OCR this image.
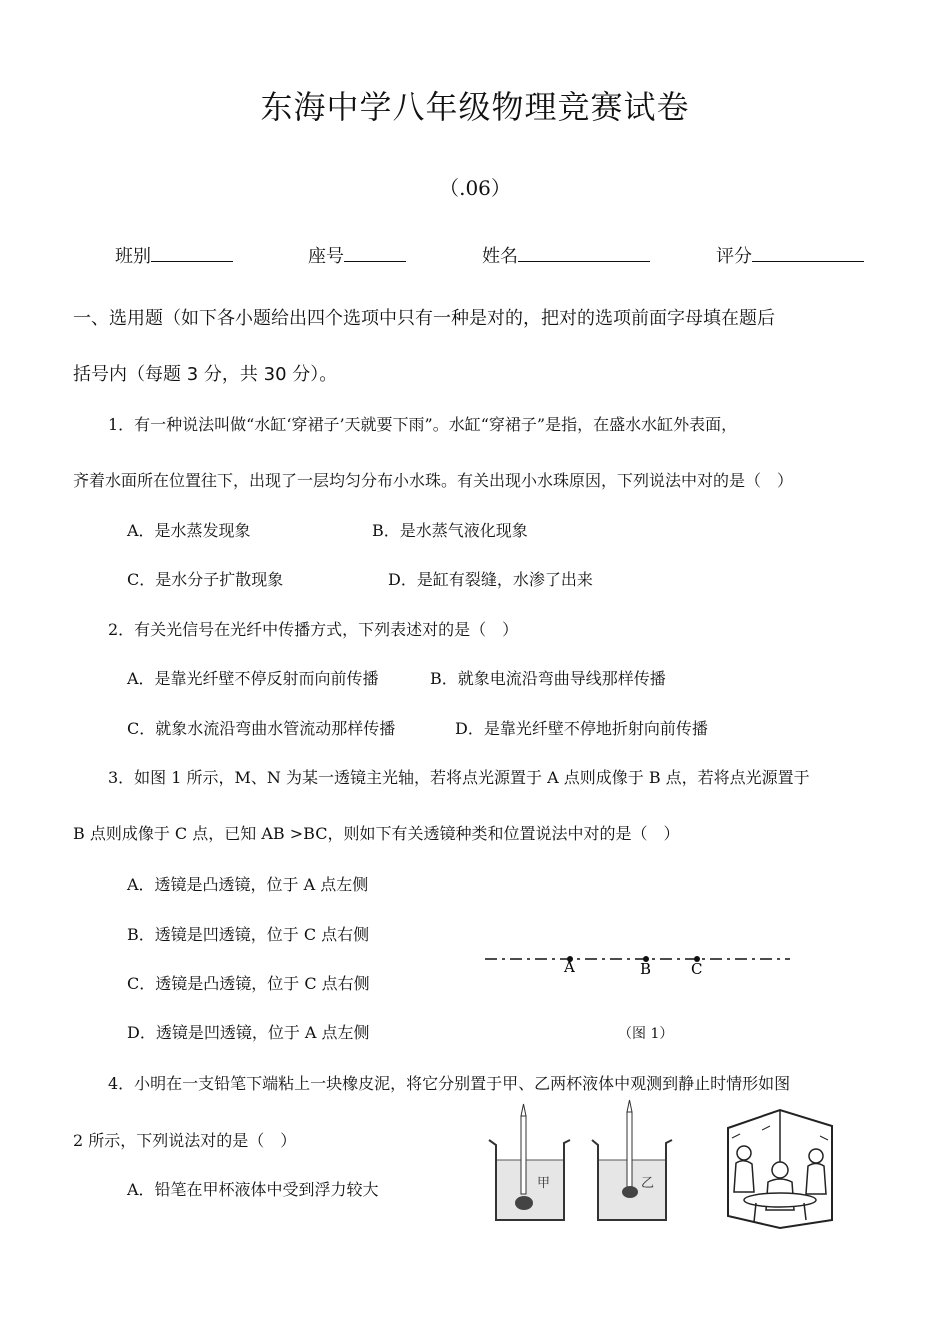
东海中学八年级物理竞赛试卷
（.06）
班别	座号	姓名	评分
一、选用题（如下各小题给出四个选项中只有一种是对的，把对的选项前面字母填在题后
括号内（每题 3 分，共 30 分）。
1．有一种说法叫做“水缸‘穿裙子’天就要下雨”。水缸“穿裙子”是指，在盛水水缸外表面，
齐着水面所在位置往下，出现了一层均匀分布小水珠。有关出现小水珠原因，下列说法中对的是（　）
A．是水蒸发现象	B．是水蒸气液化现象
C．是水分子扩散现象	D．是缸有裂缝，水渗了出来
2．有关光信号在光纤中传播方式，下列表述对的是（　）
A．是靠光纤壁不停反射而向前传播	B．就象电流沿弯曲导线那样传播
C．就象水流沿弯曲水管流动那样传播	D．是靠光纤壁不停地折射向前传播
3．如图 1 所示，M、N 为某一透镜主光轴，若将点光源置于 A 点则成像于 B 点，若将点光源置于
B 点则成像于 C 点，已知 AB >BC，则如下有关透镜种类和位置说法中对的是（　）
A．透镜是凸透镜，位于 A 点左侧
B．透镜是凹透镜，位于 C 点右侧
C．透镜是凸透镜，位于 C 点右侧
D．透镜是凹透镜，位于 A 点左侧
A	B	C
（图 1）
4．小明在一支铅笔下端粘上一块橡皮泥，将它分别置于甲、乙两杯液体中观测到静止时情形如图
2 所示，下列说法对的是（　）
A．铅笔在甲杯液体中受到浮力较大	甲	乙
